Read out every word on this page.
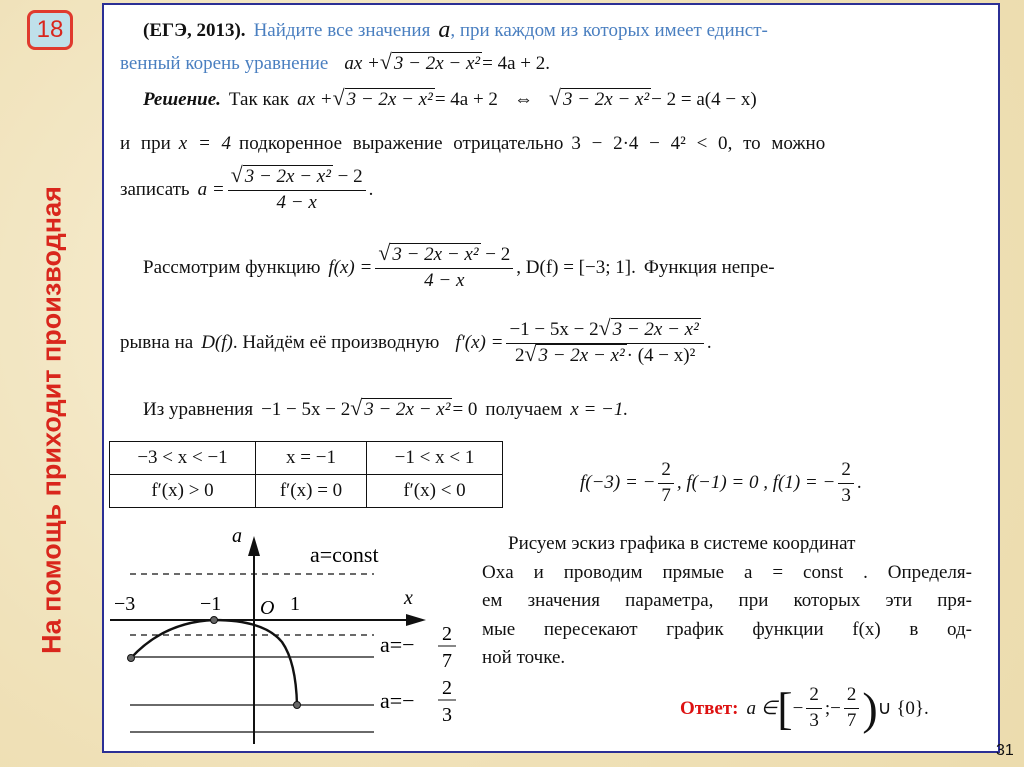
18
На помощь приходит производная
(ЕГЭ, 2013). Найдите все значения a , при каждом из которых имеет единст-
венный корень уравнение ax + √ 3 − 2x − x² = 4a + 2.
Решение. Так как ax + √ 3 − 2x − x² = 4a + 2 ⇔ √ 3 − 2x − x² − 2 = a(4 − x)
и при x = 4 подкоренное выражение отрицательно 3 − 2·4 − 4² < 0 , то можно
записать $a = \frac{\text{√ 3 − 2x − x² − 2}}{4 - x}$ .
Рассмотрим функцию $f(x) = \frac{\text{√ 3 − 2x − x² − 2}}{4 - x}$ , D(f) = [−3; 1]. Функция непре-
рывна на D(f) . Найдём её производную $f'(x) = \frac{\text{−1 − 5x − 2 √ 3 − 2x − x²}}{\text{2 √ 3 − 2x − x² · (4 − x)²}}$ .
Из уравнения −1 − 5x − 2 √ 3 − 2x − x² = 0 получаем x = −1.
−3 < x < −1	x = −1	−1 < x < 1
f′(x) > 0	f′(x) = 0	f′(x) < 0	f(−3) = − $\frac{2}{7}$ , f(−1) = 0 , f(1) = − $\frac{2}{3}$ .
a
x
O
−3	−1	1
a=const
a=− 2
7
a=− 2
3
Рисуем эскиз графика в системе координат
Oxa и проводим прямые a = const . Определя-
ем значения параметра, при которых эти пря-
мые пересекают график функции f(x) в од-
ной точке.
Ответ: a ∈ [ − $\frac{2}{3}$ ; − $\frac{2}{7}$ ) ∪ {0}.
31
